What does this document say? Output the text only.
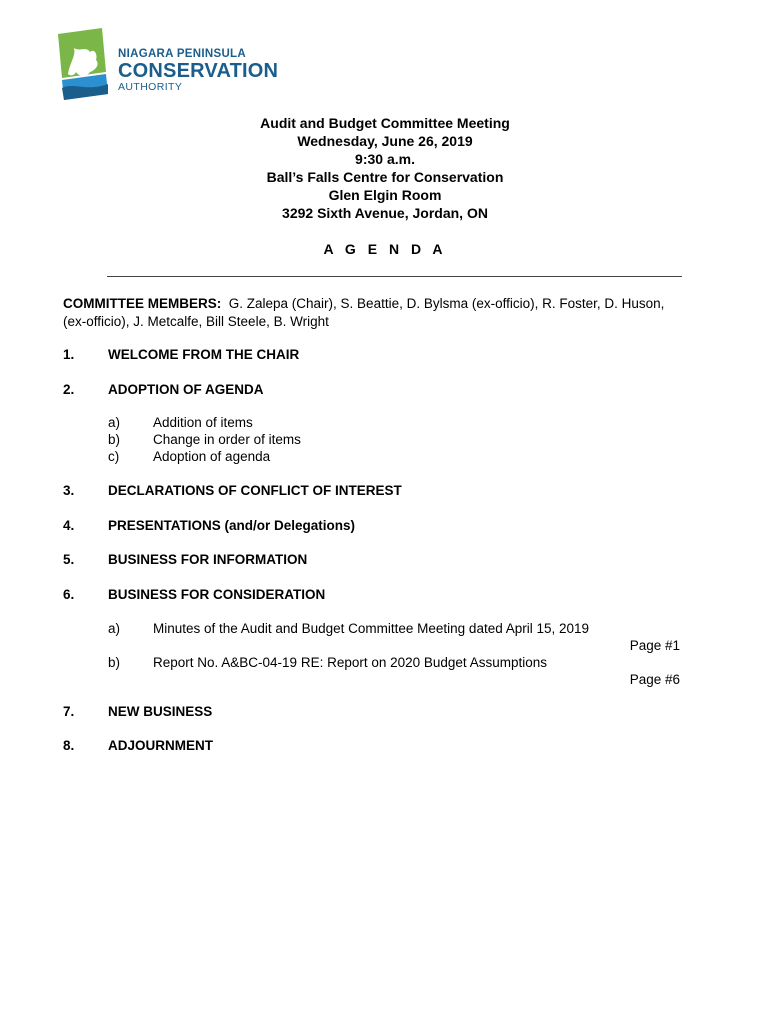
NIAGARA PENINSULA
CONSERVATION
AUTHORITY
Audit and Budget Committee Meeting
Wednesday, June 26, 2019
9:30 a.m.
Ball’s Falls Centre for Conservation
Glen Elgin Room
3292 Sixth Avenue, Jordan, ON
A G E N D A
COMMITTEE MEMBERS: G. Zalepa (Chair), S. Beattie, D. Bylsma (ex-officio), R. Foster, D. Huson, (ex-officio), J. Metcalfe, Bill Steele, B. Wright
1. WELCOME FROM THE CHAIR
2. ADOPTION OF AGENDA
a) Addition of items
b) Change in order of items
c)	Adoption of agenda
3. DECLARATIONS OF CONFLICT OF INTEREST
4. PRESENTATIONS (and/or Delegations)
5. BUSINESS FOR INFORMATION
6. BUSINESS FOR CONSIDERATION
a) Minutes of the Audit and Budget Committee Meeting dated April 15, 2019
Page #1
b) Report No. A&BC-04-19 RE: Report on 2020 Budget Assumptions
Page #6
7. NEW BUSINESS
8. ADJOURNMENT
